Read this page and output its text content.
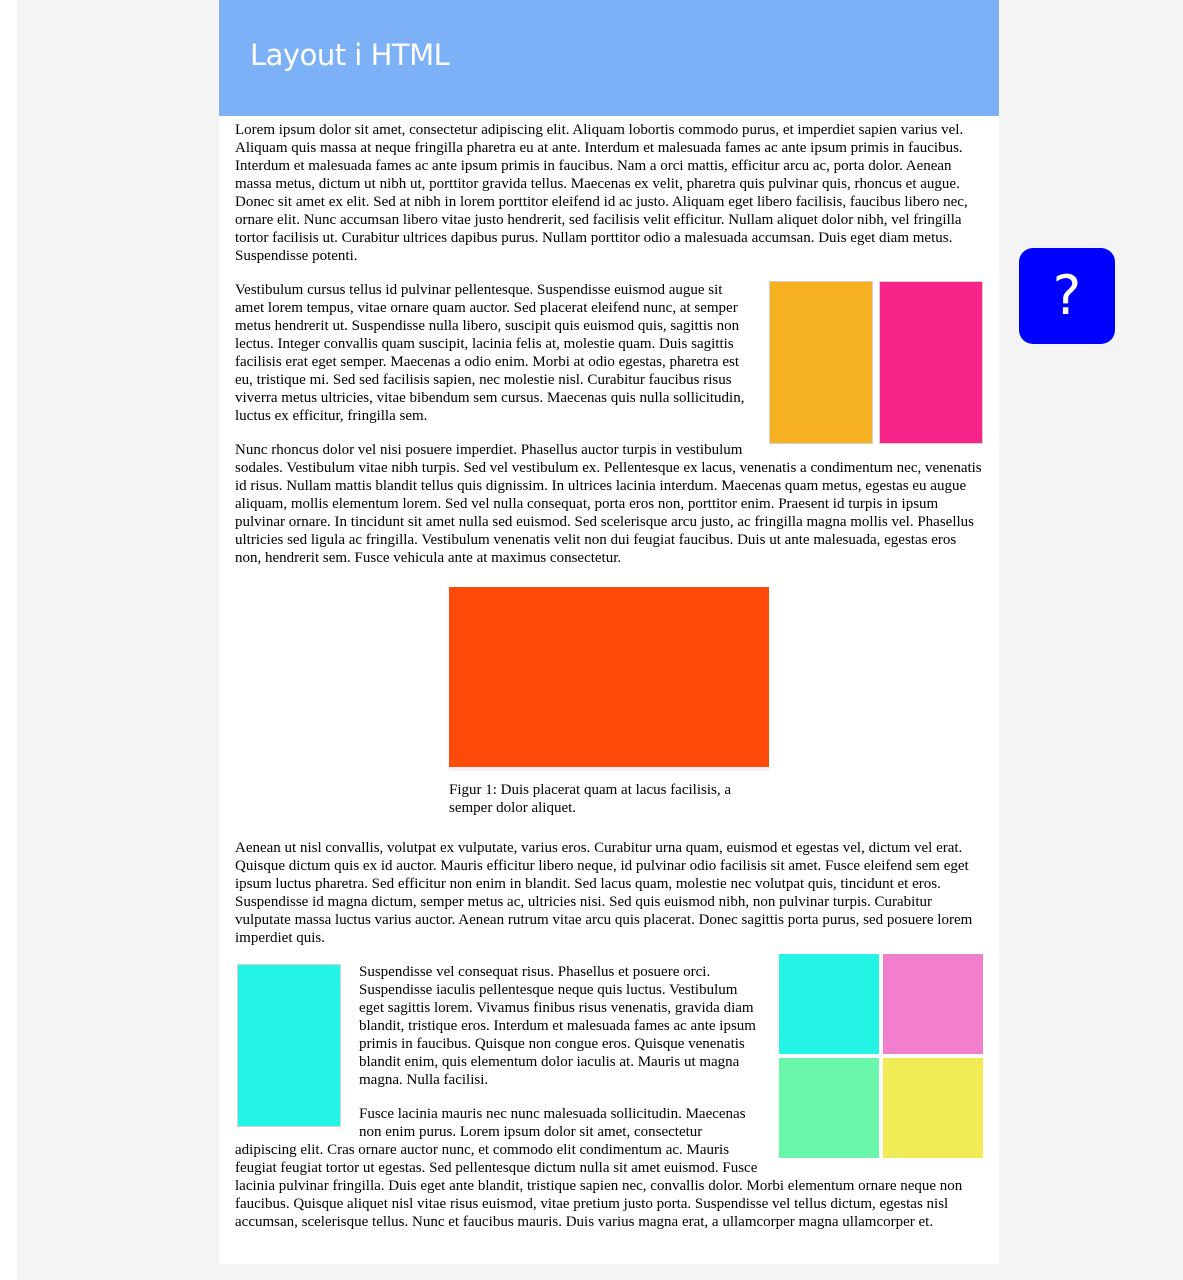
Layout i HTML

Lorem ipsum dolor sit amet, consectetur adipiscing elit. Aliquam lobortis commodo purus, et imperdiet sapien varius vel. Aliquam quis massa at neque fringilla pharetra eu at ante. Interdum et malesuada fames ac ante ipsum primis in faucibus. Interdum et malesuada fames ac ante ipsum primis in faucibus. Nam a orci mattis, efficitur arcu ac, porta dolor. Aenean massa metus, dictum ut nibh ut, porttitor gravida tellus. Maecenas ex velit, pharetra quis pulvinar quis, rhoncus et augue. Donec sit amet ex elit. Sed at nibh in lorem porttitor eleifend id ac justo. Aliquam eget libero facilisis, faucibus libero nec, ornare elit. Nunc accumsan libero vitae justo hendrerit, sed facilisis velit efficitur. Nullam aliquet dolor nibh, vel fringilla tortor facilisis ut. Curabitur ultrices dapibus purus. Nullam porttitor odio a malesuada accumsan. Duis eget diam metus. Suspendisse potenti.

Vestibulum cursus tellus id pulvinar pellentesque. Suspendisse euismod augue sit amet lorem tempus, vitae ornare quam auctor. Sed placerat eleifend nunc, at semper metus hendrerit ut. Suspendisse nulla libero, suscipit quis euismod quis, sagittis non lectus. Integer convallis quam suscipit, lacinia felis at, molestie quam. Duis sagittis facilisis erat eget semper. Maecenas a odio enim. Morbi at odio egestas, pharetra est eu, tristique mi. Sed sed facilisis sapien, nec molestie nisl. Curabitur faucibus risus viverra metus ultricies, vitae bibendum sem cursus. Maecenas quis nulla sollicitudin, luctus ex efficitur, fringilla sem.

Nunc rhoncus dolor vel nisi posuere imperdiet. Phasellus auctor turpis in vestibulum sodales. Vestibulum vitae nibh turpis. Sed vel vestibulum ex. Pellentesque ex lacus, venenatis a condimentum nec, venenatis id risus. Nullam mattis blandit tellus quis dignissim. In ultrices lacinia interdum. Maecenas quam metus, egestas eu augue aliquam, mollis elementum lorem. Sed vel nulla consequat, porta eros non, porttitor enim. Praesent id turpis in ipsum pulvinar ornare. In tincidunt sit amet nulla sed euismod. Sed scelerisque arcu justo, ac fringilla magna mollis vel. Phasellus ultricies sed ligula ac fringilla. Vestibulum venenatis velit non dui feugiat faucibus. Duis ut ante malesuada, egestas eros non, hendrerit sem. Fusce vehicula ante at maximus consectetur.

Figur 1: Duis placerat quam at lacus facilisis, a semper dolor aliquet.

Aenean ut nisl convallis, volutpat ex vulputate, varius eros. Curabitur urna quam, euismod et egestas vel, dictum vel erat. Quisque dictum quis ex id auctor. Mauris efficitur libero neque, id pulvinar odio facilisis sit amet. Fusce eleifend sem eget ipsum luctus pharetra. Sed efficitur non enim in blandit. Sed lacus quam, molestie nec volutpat quis, tincidunt et eros. Suspendisse id magna dictum, semper metus ac, ultricies nisi. Sed quis euismod nibh, non pulvinar turpis. Curabitur vulputate massa luctus varius auctor. Aenean rutrum vitae arcu quis placerat. Donec sagittis porta purus, sed posuere lorem imperdiet quis.

Suspendisse vel consequat risus. Phasellus et posuere orci. Suspendisse iaculis pellentesque neque quis luctus. Vestibulum eget sagittis lorem. Vivamus finibus risus venenatis, gravida diam blandit, tristique eros. Interdum et malesuada fames ac ante ipsum primis in faucibus. Quisque non congue eros. Quisque venenatis blandit enim, quis elementum dolor iaculis at. Mauris ut magna magna. Nulla facilisi.

Fusce lacinia mauris nec nunc malesuada sollicitudin. Maecenas non enim purus. Lorem ipsum dolor sit amet, consectetur adipiscing elit. Cras ornare auctor nunc, et commodo elit condimentum ac. Mauris feugiat feugiat tortor ut egestas. Sed pellentesque dictum nulla sit amet euismod. Fusce lacinia pulvinar fringilla. Duis eget ante blandit, tristique sapien nec, convallis dolor. Morbi elementum ornare neque non faucibus. Quisque aliquet nisl vitae risus euismod, vitae pretium justo porta. Suspendisse vel tellus dictum, egestas nisl accumsan, scelerisque tellus. Nunc et faucibus mauris. Duis varius magna erat, a ullamcorper magna ullamcorper et.

?
